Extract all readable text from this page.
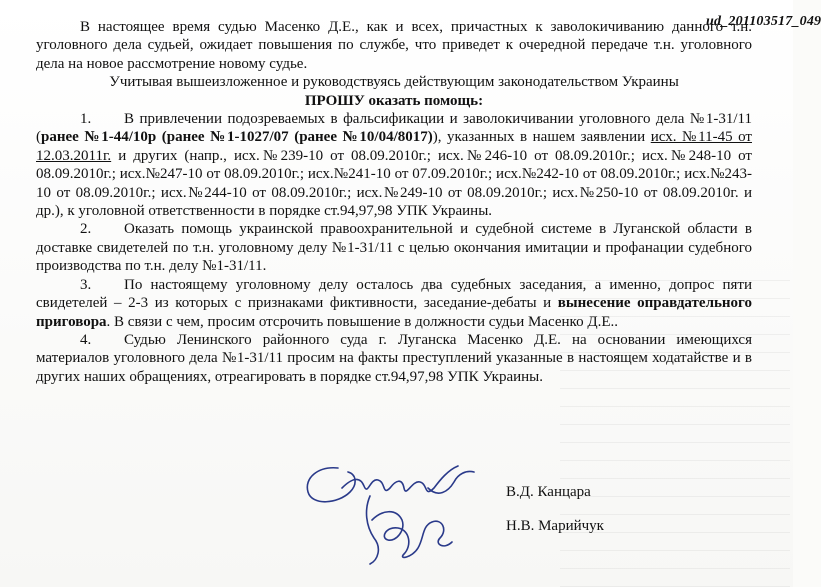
ud_201103517_049

В настоящее время судью Масенко Д.Е., как и всех, причастных к заволокичиванию данного т.н. уголовного дела судьей, ожидает повышения по службе, что приведет к очередной передаче т.н. уголовного дела на новое рассмотрение новому судье.

Учитывая вышеизложенное и руководствуясь действующим законодательством Украины

ПРОШУ оказать помощь:

1. В привлечении подозреваемых в фальсификации и заволокичивании уголовного дела №1-31/11 (ранее №1-44/10р (ранее №1-1027/07 (ранее №10/04/8017)), указанных в нашем заявлении исх. №11-45 от 12.03.2011г. и других (напр., исх.№239-10 от 08.09.2010г.; исх.№246-10 от 08.09.2010г.; исх.№248-10 от 08.09.2010г.; исх.№247-10 от 08.09.2010г.; исх.№241-10 от 07.09.2010г.; исх.№242-10 от 08.09.2010г.; исх.№243-10 от 08.09.2010г.; исх.№244-10 от 08.09.2010г.; исх.№249-10 от 08.09.2010г.; исх.№250-10 от 08.09.2010г. и др.), к уголовной ответственности в порядке ст.94,97,98 УПК Украины.

2. Оказать помощь украинской правоохранительной и судебной системе в Луганской области в доставке свидетелей по т.н. уголовному делу №1-31/11 с целью окончания имитации и профанации судебного производства по т.н. делу №1-31/11.

3. По настоящему уголовному делу осталось два судебных заседания, а именно, допрос пяти свидетелей – 2-3 из которых с признаками фиктивности, заседание-дебаты и вынесение оправдательного приговора. В связи с чем, просим отсрочить повышение в должности судьи Масенко Д.Е..

4. Судью Ленинского районного суда г. Луганска Масенко Д.Е. на основании имеющихся материалов уголовного дела №1-31/11 просим на факты преступлений указанные в настоящем ходатайстве и в других наших обращениях, отреагировать в порядке ст.94,97,98 УПК Украины.

В.Д. Канцара
Н.В. Марийчук
